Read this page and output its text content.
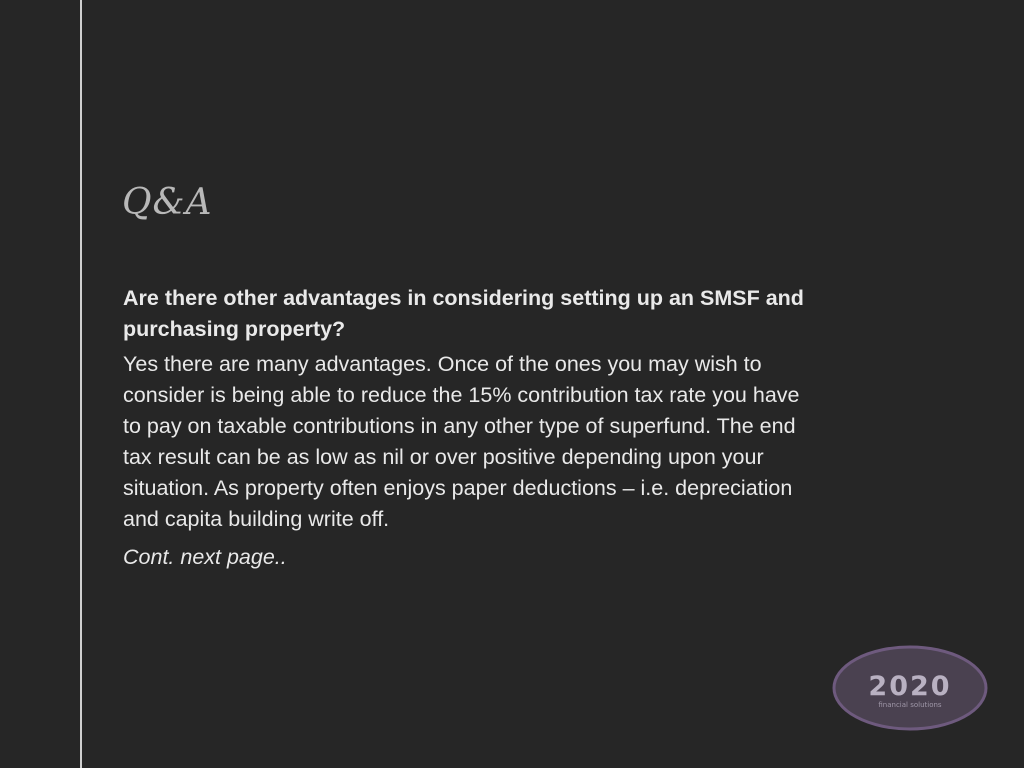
Q&A

Are there other advantages in considering setting up an SMSF and purchasing property?

Yes there are many advantages. Once of the ones you may wish to consider is being able to reduce the 15% contribution tax rate you have to pay on taxable contributions in any other type of superfund. The end tax result can be as low as nil or over positive depending upon your situation. As property often enjoys paper deductions – i.e. depreciation and capita building write off.

Cont. next page..

2020
financial solutions
